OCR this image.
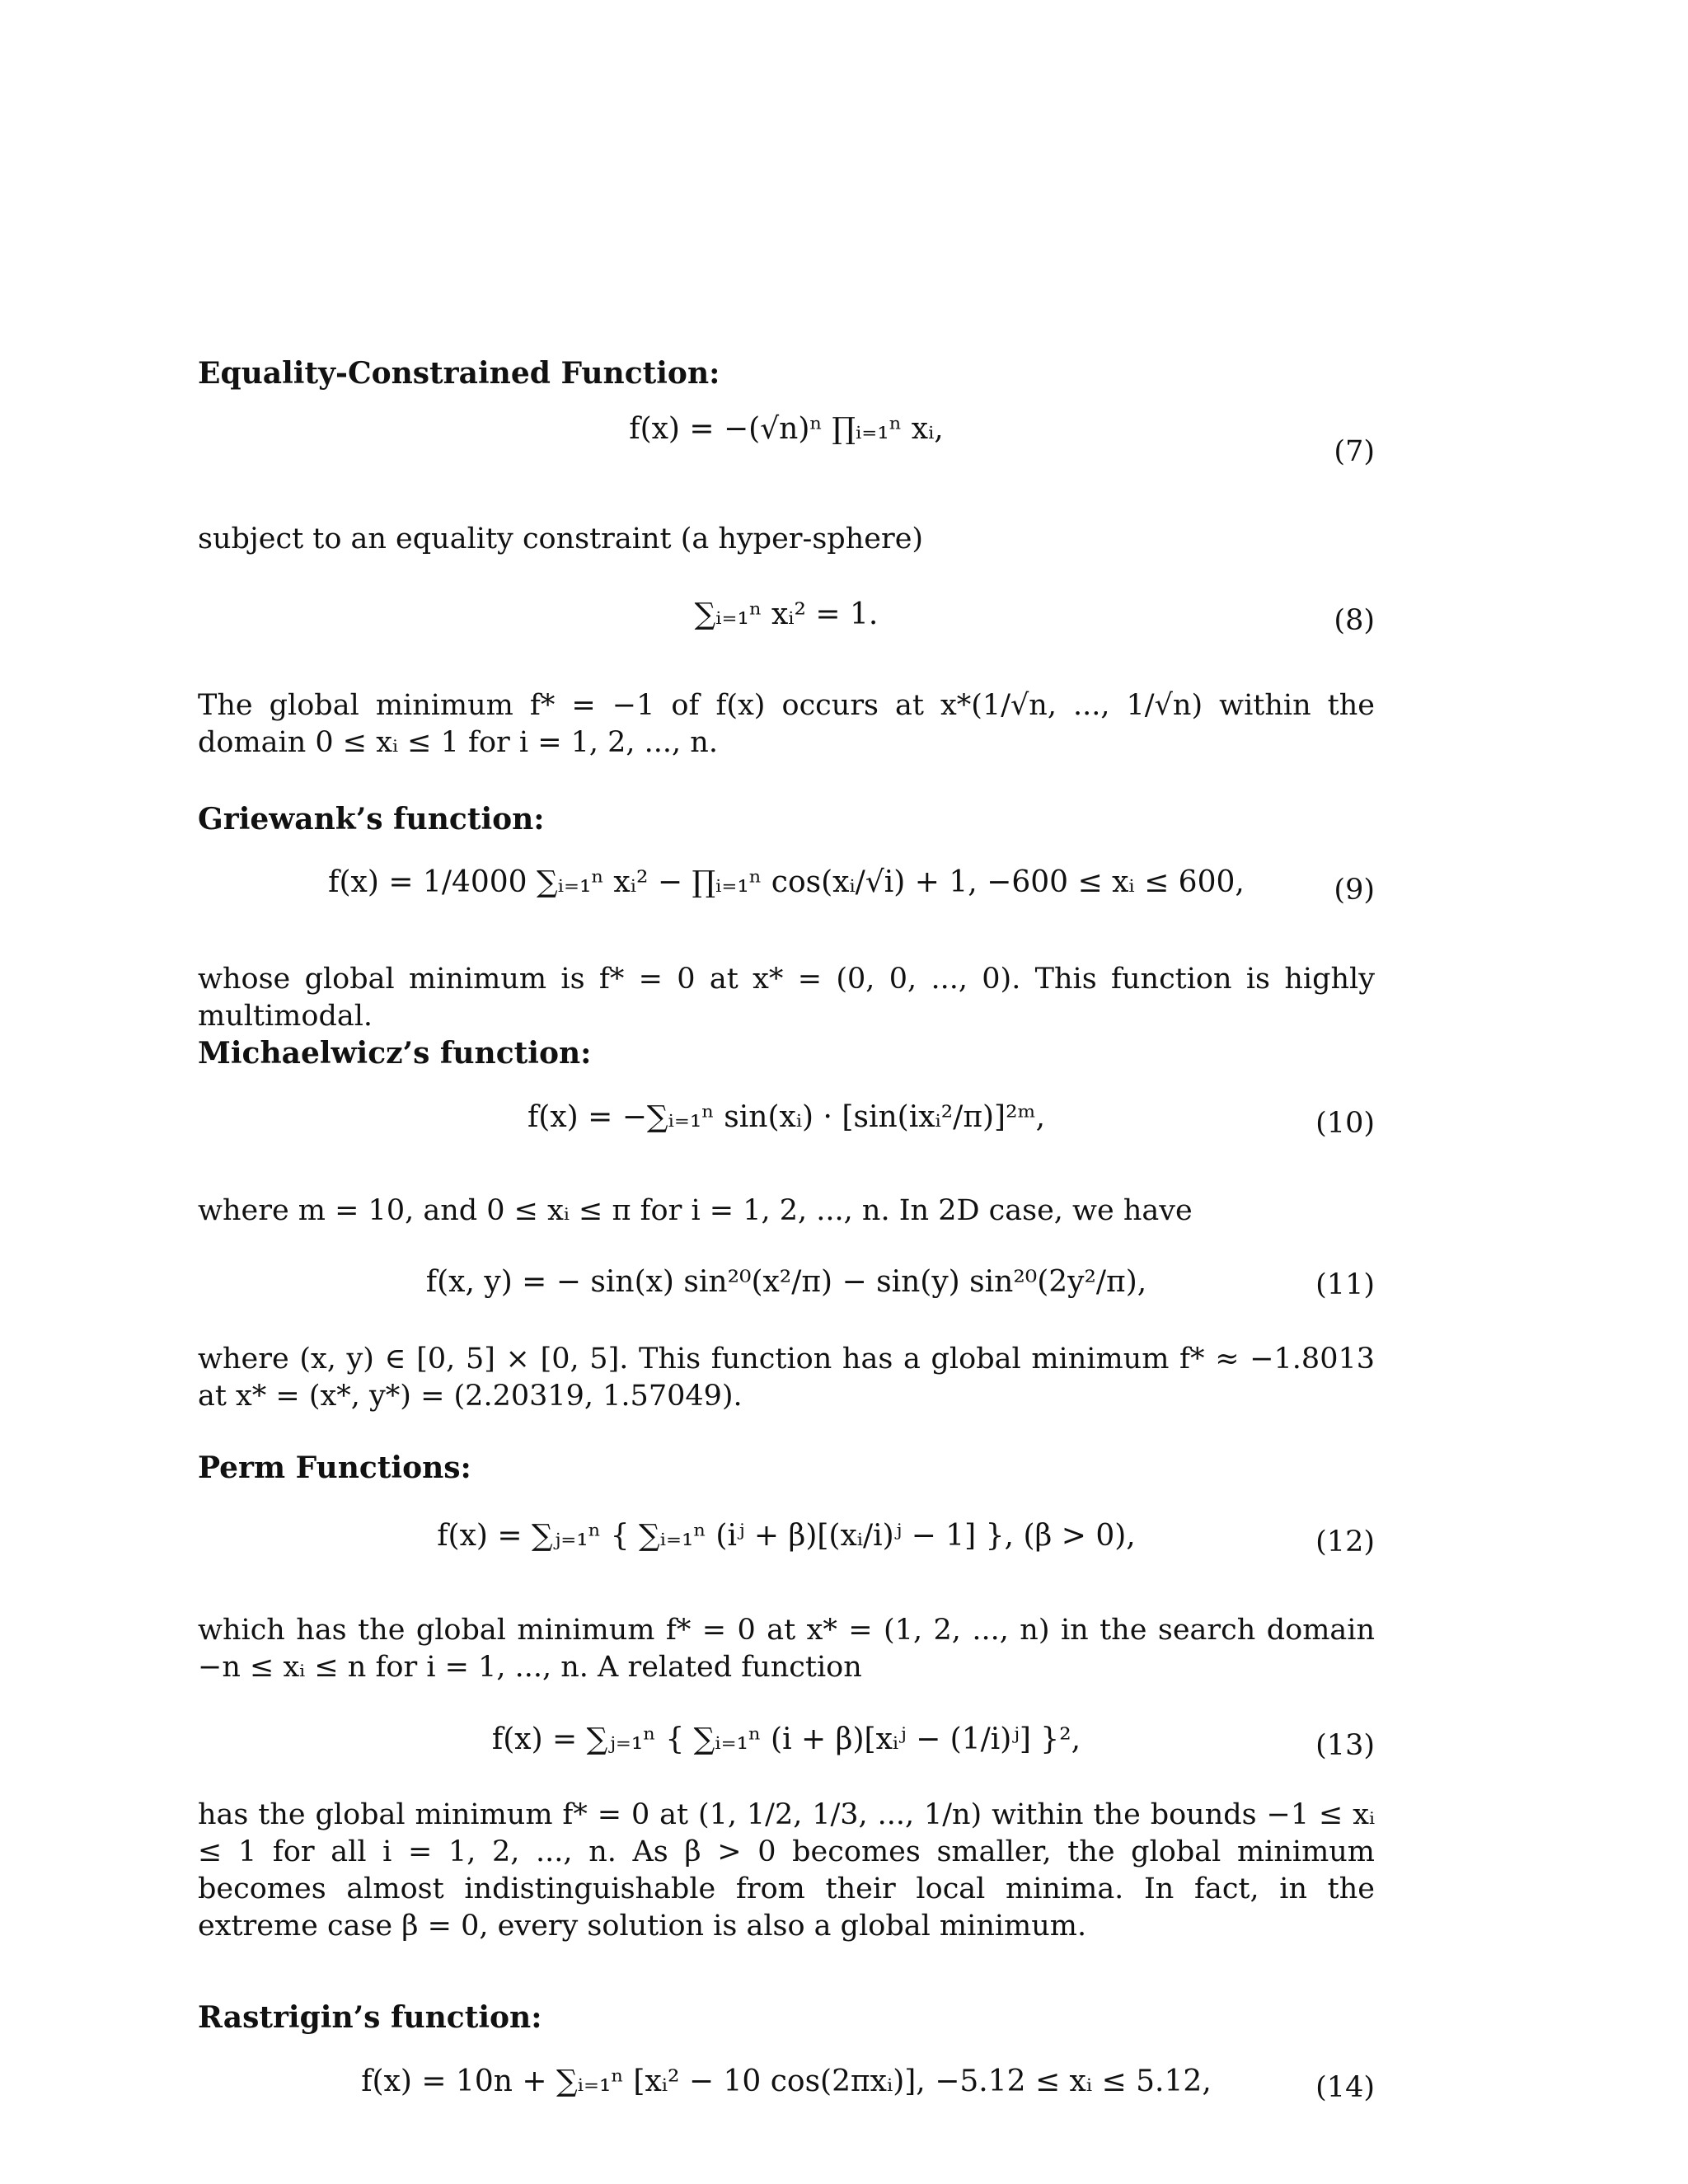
Equality-Constrained Function:
f(x) = −(√n)ⁿ ∏ᵢ₌₁ⁿ xᵢ,
(7)
subject to an equality constraint (a hyper-sphere)
∑ᵢ₌₁ⁿ xᵢ² = 1.	(8)
The global minimum f* = −1 of f(x) occurs at x*(1/√n, ..., 1/√n) within the domain 0 ≤ xᵢ ≤ 1 for i = 1, 2, ..., n.
Griewank’s function:
f(x) = 1/4000 ∑ᵢ₌₁ⁿ xᵢ² − ∏ᵢ₌₁ⁿ cos(xᵢ/√i) + 1, −600 ≤ xᵢ ≤ 600,	(9)
whose global minimum is f* = 0 at x* = (0, 0, ..., 0). This function is highly multimodal.
Michaelwicz’s function:
f(x) = −∑ᵢ₌₁ⁿ sin(xᵢ) · [sin(ixᵢ²/π)]²ᵐ,	(10)
where m = 10, and 0 ≤ xᵢ ≤ π for i = 1, 2, ..., n. In 2D case, we have
f(x, y) = − sin(x) sin²⁰(x²/π) − sin(y) sin²⁰(2y²/π),	(11)
where (x, y) ∈ [0, 5] × [0, 5]. This function has a global minimum f* ≈ −1.8013 at x* = (x*, y*) = (2.20319, 1.57049).
Perm Functions:
f(x) = ∑ⱼ₌₁ⁿ { ∑ᵢ₌₁ⁿ (iʲ + β)[(xᵢ/i)ʲ − 1] }, (β > 0),	(12)
which has the global minimum f* = 0 at x* = (1, 2, ..., n) in the search domain −n ≤ xᵢ ≤ n for i = 1, ..., n. A related function
f(x) = ∑ⱼ₌₁ⁿ { ∑ᵢ₌₁ⁿ (i + β)[xᵢʲ − (1/i)ʲ] }²,	(13)
has the global minimum f* = 0 at (1, 1/2, 1/3, ..., 1/n) within the bounds −1 ≤ xᵢ ≤ 1 for all i = 1, 2, ..., n. As β > 0 becomes smaller, the global minimum becomes almost indistinguishable from their local minima. In fact, in the extreme case β = 0, every solution is also a global minimum.
Rastrigin’s function:
f(x) = 10n + ∑ᵢ₌₁ⁿ [xᵢ² − 10 cos(2πxᵢ)], −5.12 ≤ xᵢ ≤ 5.12,	(14)
